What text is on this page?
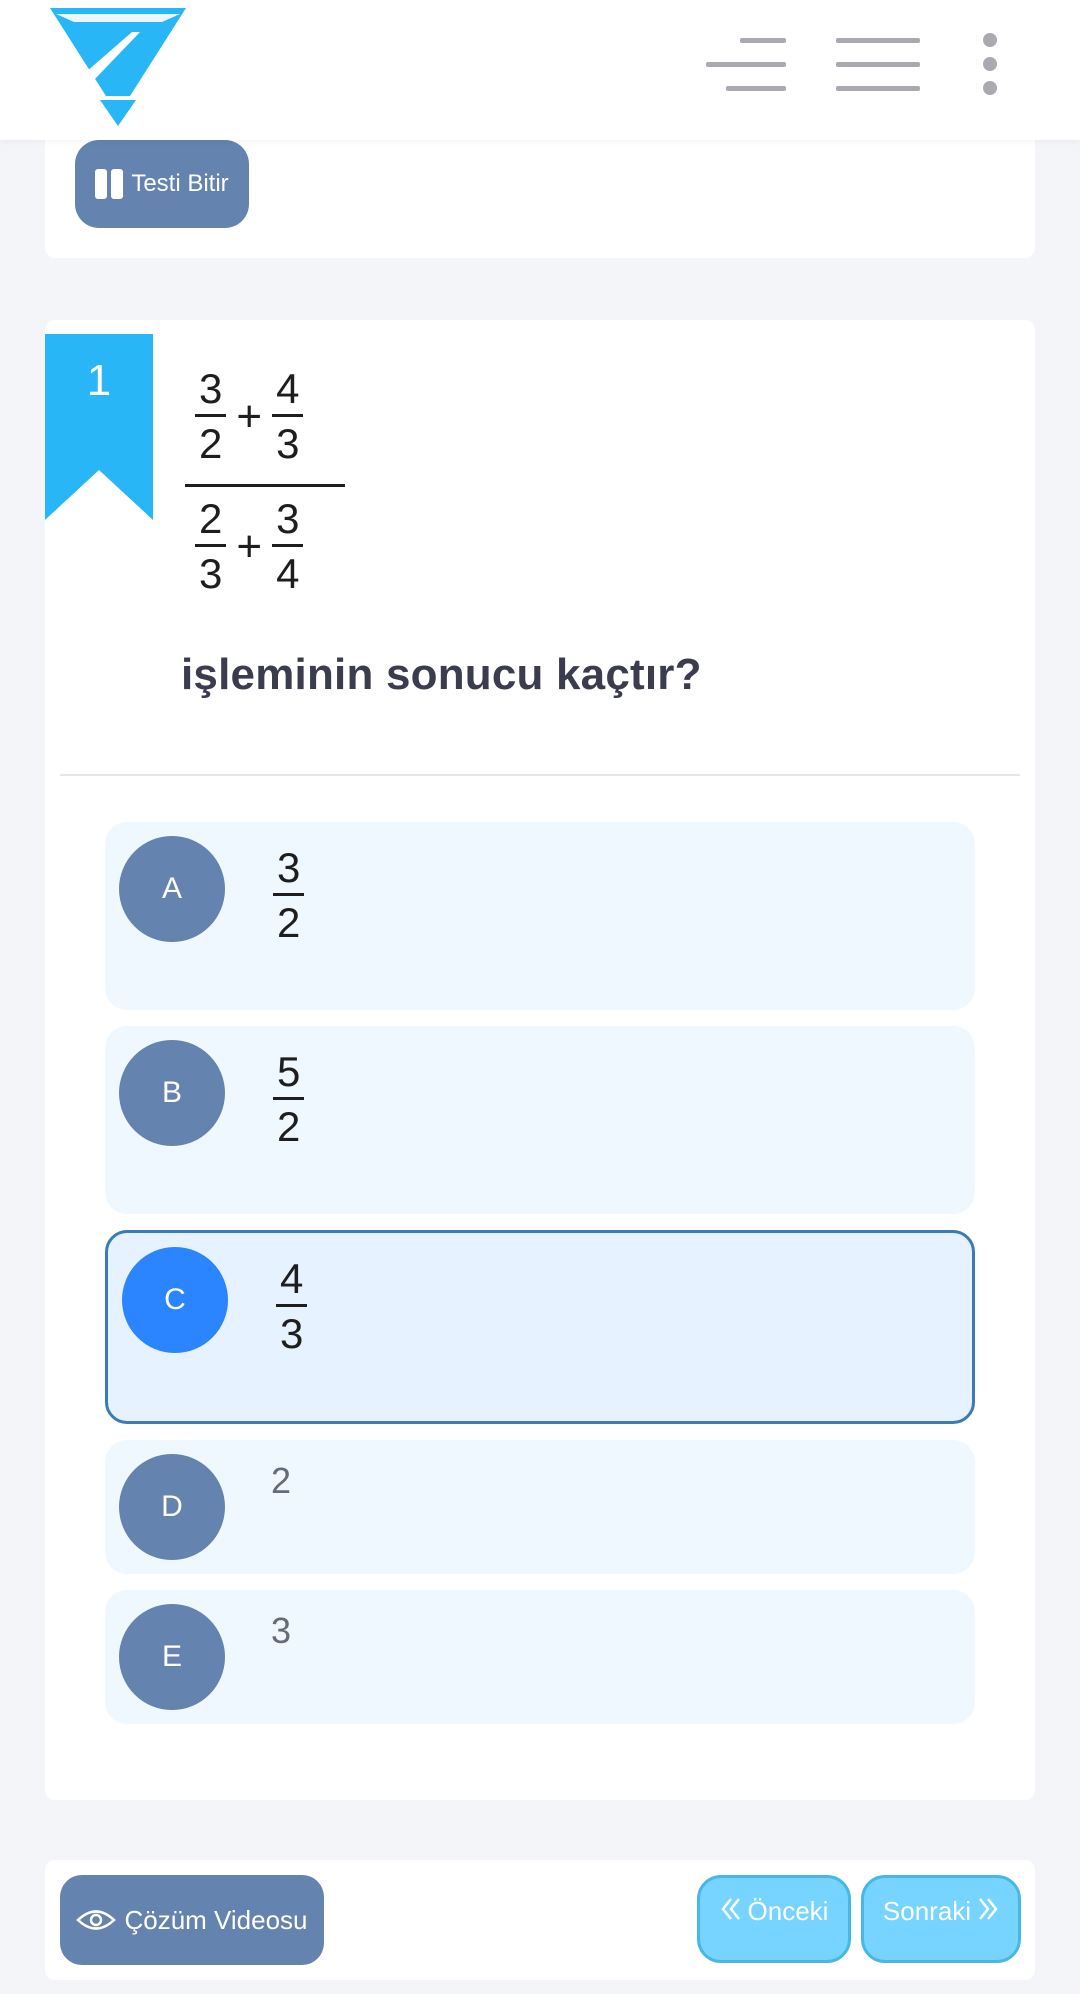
Testi Bitir
1	$\frac{3}{2} + \frac{4}{3}$
$\frac{2}{3} + \frac{3}{4}$
işleminin sonucu kaçtır?
A	$\frac{3}{2}$
B	$\frac{5}{2}$
C	$\frac{4}{3}$
D
2
E
3
Çözüm Videosu	Önceki Sonraki
